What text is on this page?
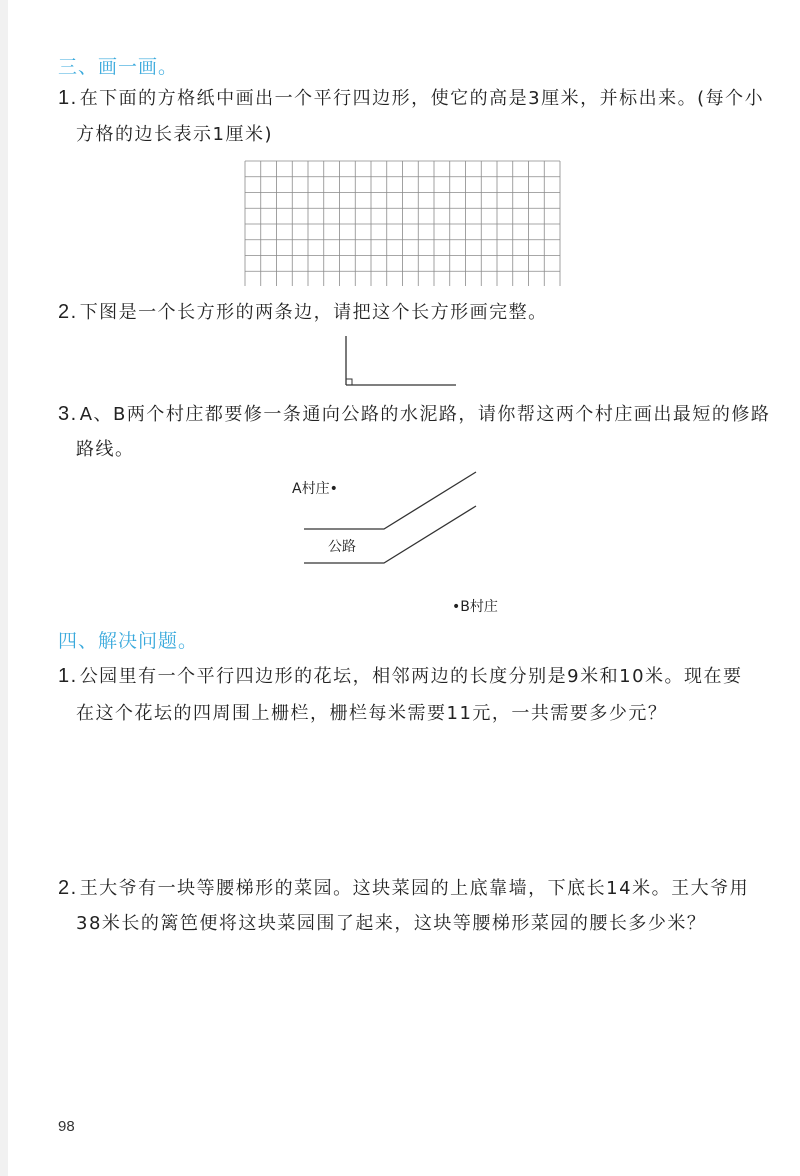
三、画一画。
1. 在下面的方格纸中画出一个平行四边形，使它的高是3厘米，并标出来。(每个小
方格的边长表示1厘米)
2. 下图是一个长方形的两条边，请把这个长方形画完整。
3. A、B两个村庄都要修一条通向公路的水泥路，请你帮这两个村庄画出最短的修路
路线。
A村庄•
公路
•B村庄
四、解决问题。
1. 公园里有一个平行四边形的花坛，相邻两边的长度分别是9米和10米。现在要
在这个花坛的四周围上栅栏，栅栏每米需要11元，一共需要多少元？
2. 王大爷有一块等腰梯形的菜园。这块菜园的上底靠墙，下底长14米。王大爷用
38米长的篱笆便将这块菜园围了起来，这块等腰梯形菜园的腰长多少米？
98
